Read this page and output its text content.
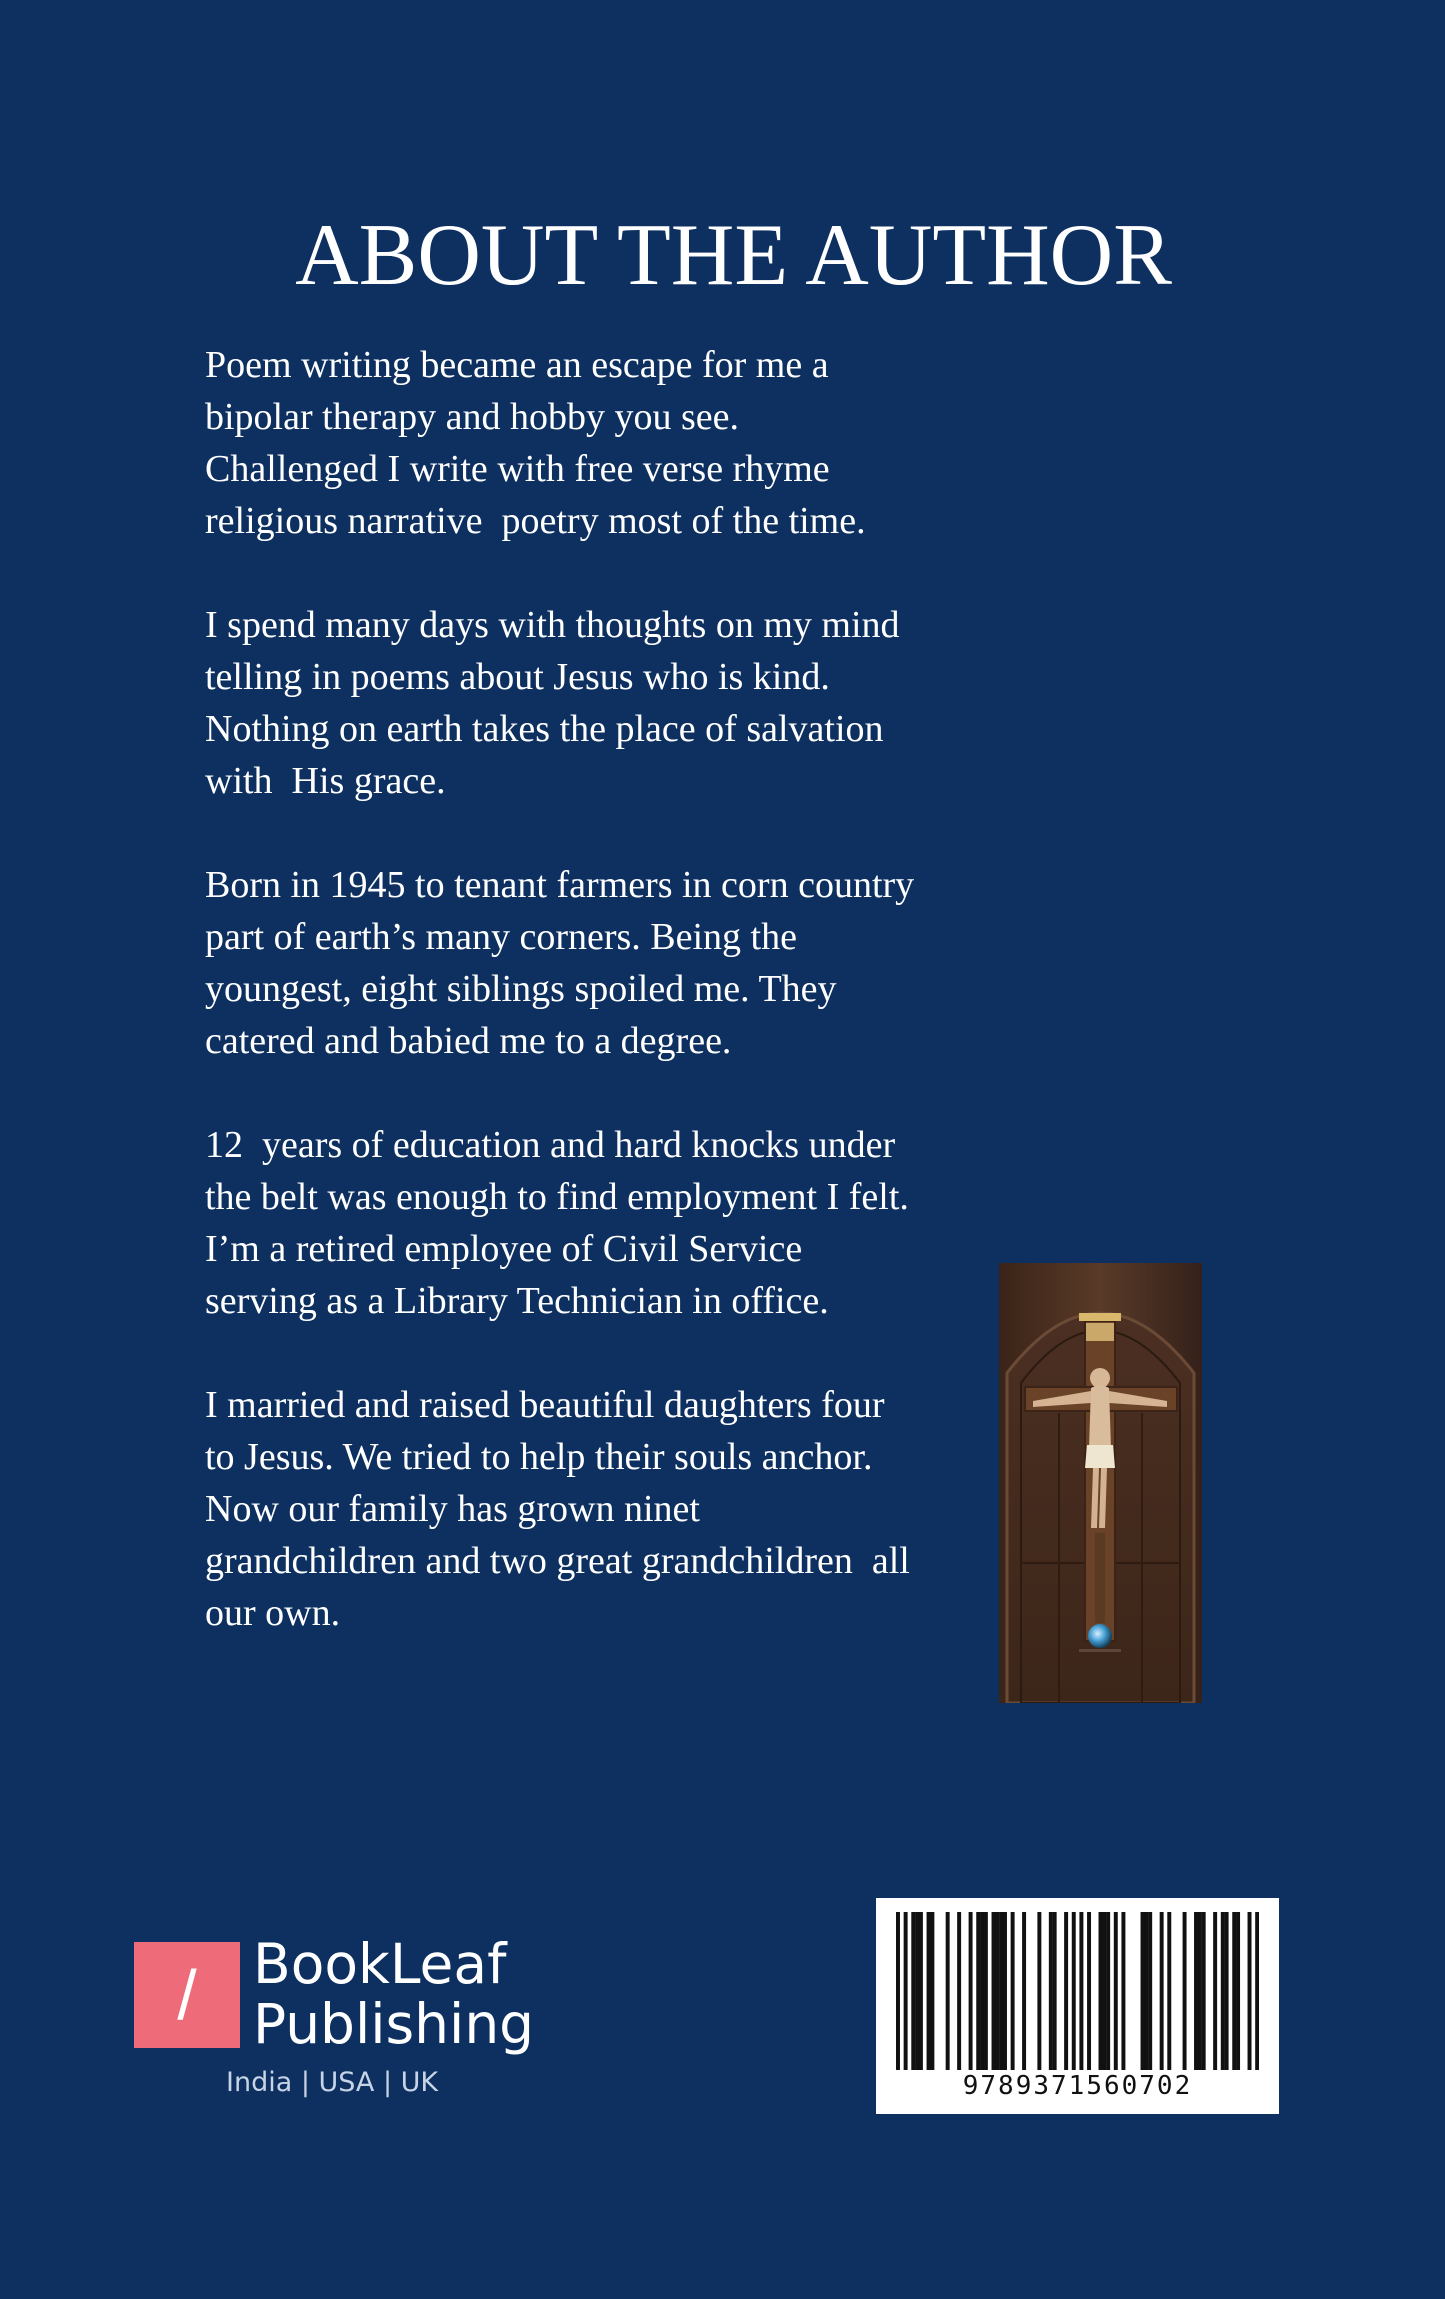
ABOUT THE AUTHOR

Poem writing became an escape for me a
bipolar therapy and hobby you see.
Challenged I write with free verse rhyme
religious narrative  poetry most of the time.

I spend many days with thoughts on my mind
telling in poems about Jesus who is kind.
Nothing on earth takes the place of salvation
with  His grace.

Born in 1945 to tenant farmers in corn country
part of earth’s many corners. Being the
youngest, eight siblings spoiled me. They
catered and babied me to a degree.

12  years of education and hard knocks under
the belt was enough to find employment I felt.
I’m a retired employee of Civil Service
serving as a Library Technician in office.

I married and raised beautiful daughters four
to Jesus. We tried to help their souls anchor.
Now our family has grown ninet
grandchildren and two great grandchildren  all
our own.

/	BookLeaf
Publishing
India | USA | UK	9789371560702
